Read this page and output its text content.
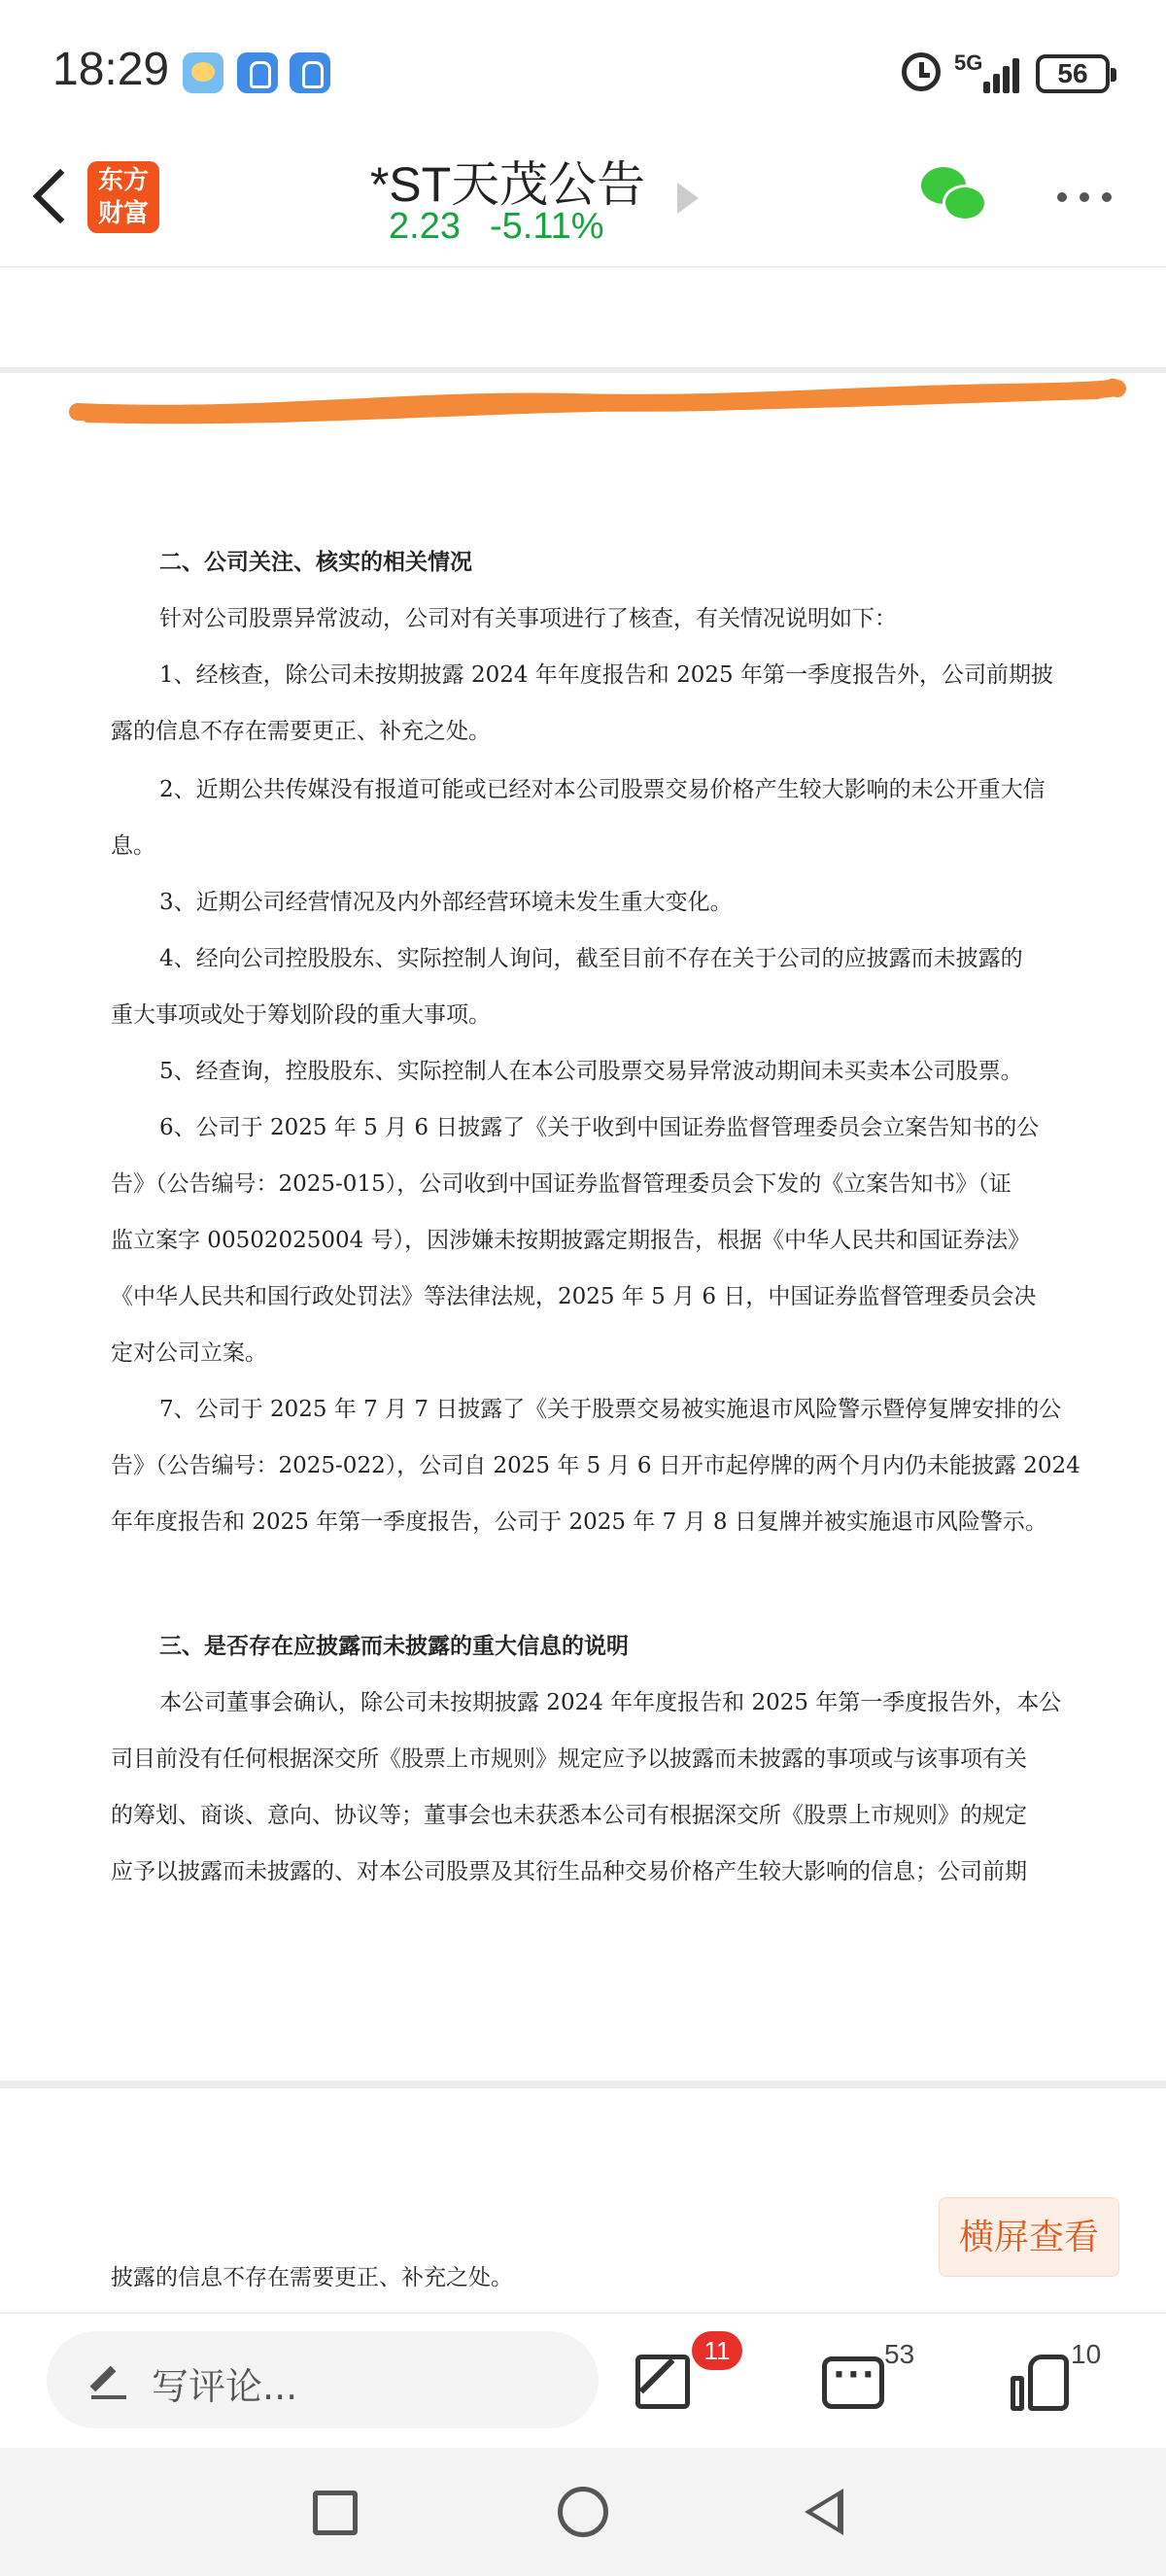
18:29	5G	56
东方
财富
*ST天茂公告
2.23 -5.11%
二、公司关注、核实的相关情况

针对公司股票异常波动，公司对有关事项进行了核查，有关情况说明如下：

1、经核查，除公司未按期披露 2024 年年度报告和 2025 年第一季度报告外，公司前期披

露的信息不存在需要更正、补充之处。

2、近期公共传媒没有报道可能或已经对本公司股票交易价格产生较大影响的未公开重大信

息。

3、近期公司经营情况及内外部经营环境未发生重大变化。

4、经向公司控股股东、实际控制人询问，截至目前不存在关于公司的应披露而未披露的

重大事项或处于筹划阶段的重大事项。

5、经查询，控股股东、实际控制人在本公司股票交易异常波动期间未买卖本公司股票。

6、公司于 2025 年 5 月 6 日披露了《关于收到中国证券监督管理委员会立案告知书的公

告》（公告编号：2025-015），公司收到中国证券监督管理委员会下发的《立案告知书》（证

监立案字 00502025004 号），因涉嫌未按期披露定期报告，根据《中华人民共和国证券法》

《中华人民共和国行政处罚法》等法律法规，2025 年 5 月 6 日，中国证券监督管理委员会决

定对公司立案。

7、公司于 2025 年 7 月 7 日披露了《关于股票交易被实施退市风险警示暨停复牌安排的公

告》（公告编号：2025-022），公司自 2025 年 5 月 6 日开市起停牌的两个月内仍未能披露 2024

年年度报告和 2025 年第一季度报告，公司于 2025 年 7 月 8 日复牌并被实施退市风险警示。

三、是否存在应披露而未披露的重大信息的说明

本公司董事会确认，除公司未按期披露 2024 年年度报告和 2025 年第一季度报告外，本公

司目前没有任何根据深交所《股票上市规则》规定应予以披露而未披露的事项或与该事项有关

的筹划、商谈、意向、协议等；董事会也未获悉本公司有根据深交所《股票上市规则》的规定

应予以披露而未披露的、对本公司股票及其衍生品种交易价格产生较大影响的信息；公司前期

披露的信息不存在需要更正、补充之处。
横屏查看
写评论...
11
···	53	10
